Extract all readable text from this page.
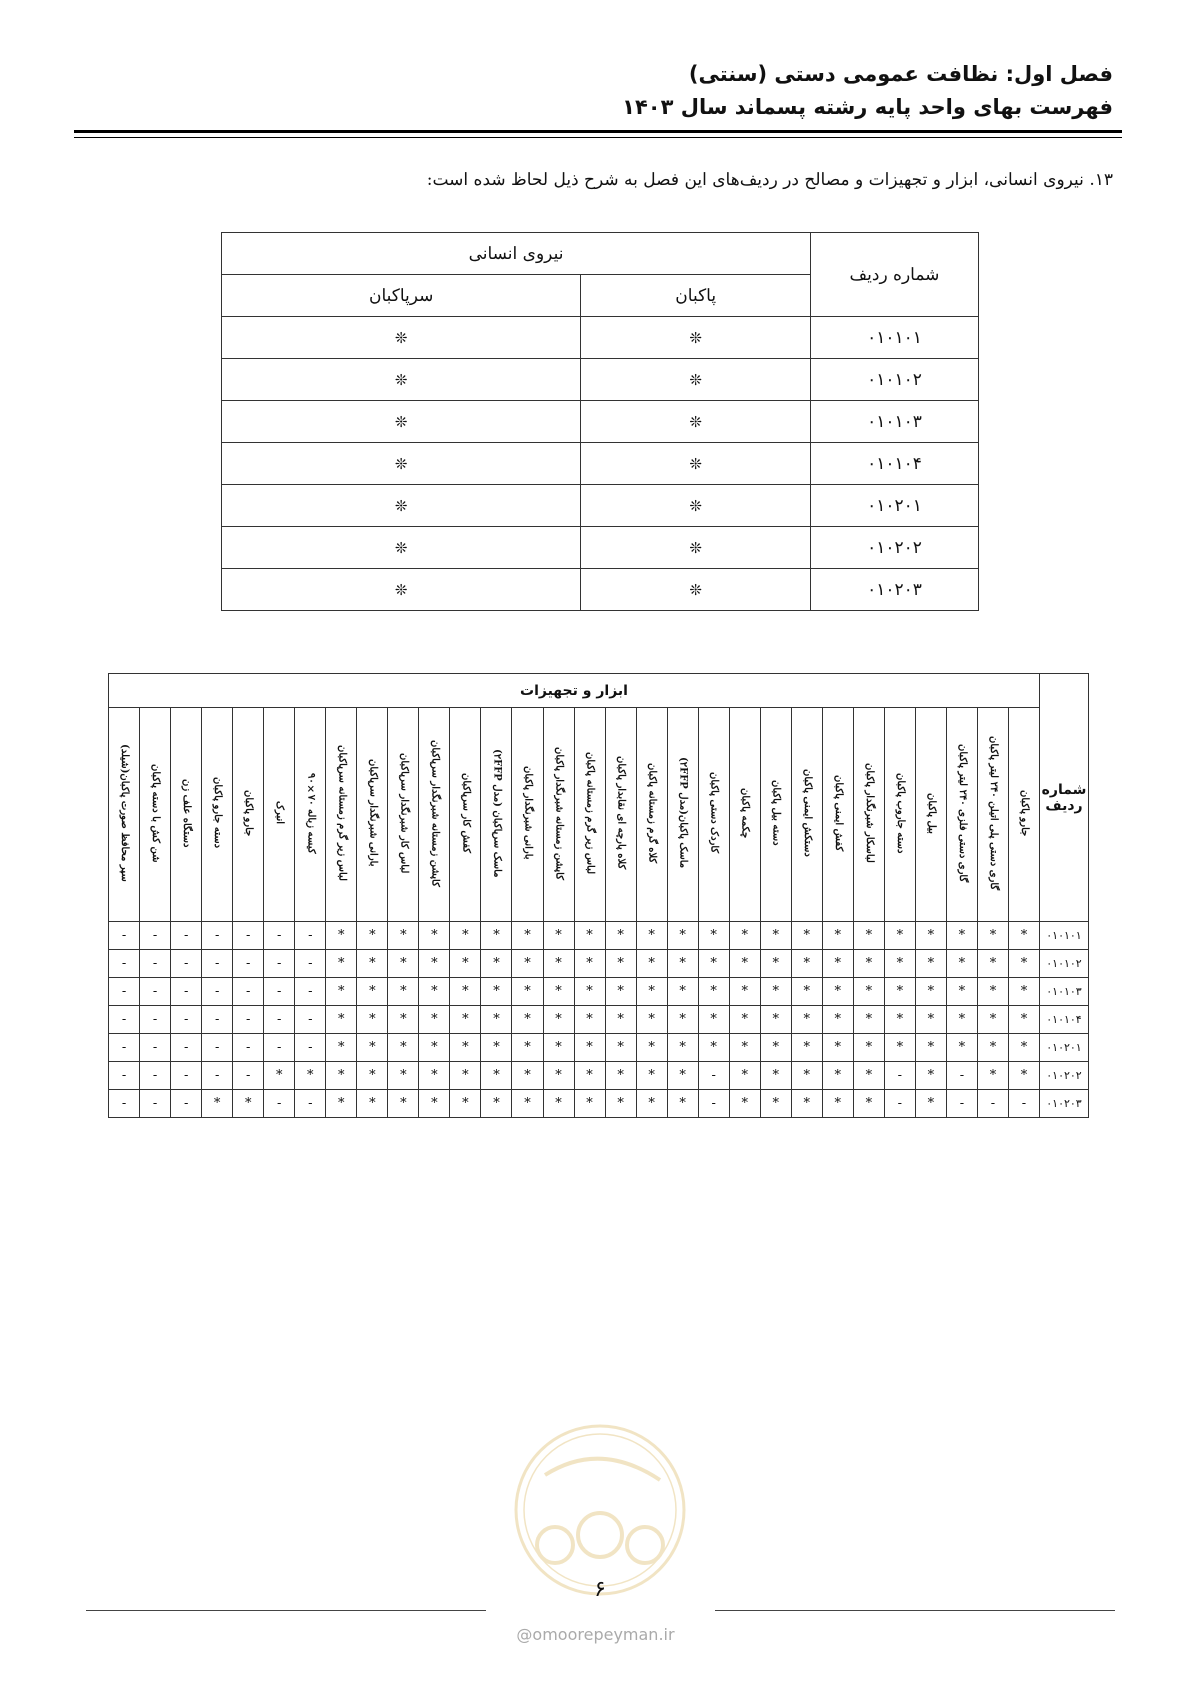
فصل اول: نظافت عمومی دستی (سنتی)
فهرست بهای واحد پایه رشته پسماند سال ۱۴۰۳
۱۳. نیروی انسانی، ابزار و تجهیزات و مصالح در ردیف‌های این فصل به شرح ذیل لحاظ شده است:
شماره ردیف	نیروی انسانی	
	پاکبان	سرپاکبان
۰۱۰۱۰۱	❊	❊
۰۱۰۱۰۲	❊	❊
۰۱۰۱۰۳	❊	❊
۰۱۰۱۰۴	❊	❊
۰۱۰۲۰۱	❊	❊
۰۱۰۲۰۲	❊	❊
۰۱۰۲۰۳	❊	❊
شماره ردیف	ابزار و تجهیزات																													
	جارو پاکبان	گاری دستی پلی اتیلن ۲۴۰ لیتر پاکبان	گاری دستی فلزی ۲۴۰ لیتر پاکبان	بیل پاکبان	دسته جاروب پاکبان	لباسکار شبرنگدار پاکبان	کفش ایمنی پاکبان	دستکش ایمنی پاکبان	دسته بیل پاکبان	چکمه پاکبان	کاردک دستی پاکبان	ماسک پاکبان(مدل ۲FFP)	کلاه گرم زمستانه پاکبان	کلاه پارچه ای نقابدار پاکبان	لباس زیر گرم زمستانه پاکبان	کاپشن زمستانه شبرنگدار پاکبان	بارانی شبرنگدار پاکبان	ماسک سرپاکبان (مدل ۲FFP)	کفش کار سرپاکبان	کاپشن زمستانه شبرنگدار سرپاکبان	لباس کار شبرنگدار سرپاکبان	بارانی شبرنگدار سرپاکبان	لباس زیر گرم زمستانه سرپاکبان	کیسه زباله ۷۰×۹۰	انبرک	جارو پاکبان	دسته جارو پاکبان	دستگاه علف زن	شن کش با دسته پاکبان	سپر محافظ صورت پاکبان(شیلد)
۰۱۰۱۰۱	*	*	*	*	*	*	*	*	*	*	*	*	*	*	*	*	*	*	*	*	*	*	*	-	-	-	-	-	-	-
۰۱۰۱۰۲	*	*	*	*	*	*	*	*	*	*	*	*	*	*	*	*	*	*	*	*	*	*	*	-	-	-	-	-	-	-
۰۱۰۱۰۳	*	*	*	*	*	*	*	*	*	*	*	*	*	*	*	*	*	*	*	*	*	*	*	-	-	-	-	-	-	-
۰۱۰۱۰۴	*	*	*	*	*	*	*	*	*	*	*	*	*	*	*	*	*	*	*	*	*	*	*	-	-	-	-	-	-	-
۰۱۰۲۰۱	*	*	*	*	*	*	*	*	*	*	*	*	*	*	*	*	*	*	*	*	*	*	*	-	-	-	-	-	-	-
۰۱۰۲۰۲	*	*	-	*	-	*	*	*	*	*	-	*	*	*	*	*	*	*	*	*	*	*	*	*	*	-	-	-	-	-
۰۱۰۲۰۳	-	-	-	*	-	*	*	*	*	*	-	*	*	*	*	*	*	*	*	*	*	*	*	-	-	*	*	-	-	-
۶
@omoorepeyman.ir
